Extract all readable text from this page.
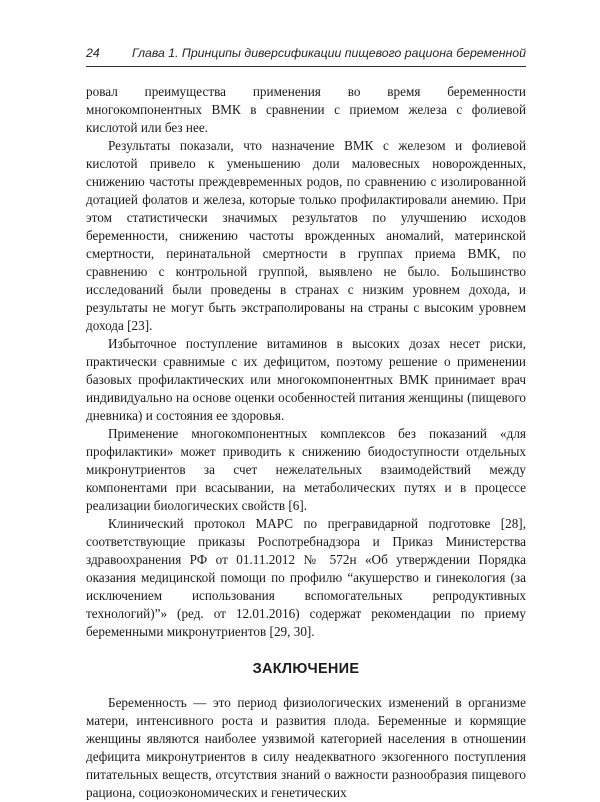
24	Глава 1. Принципы диверсификации пищевого рациона беременной

ровал преимущества применения во время беременности многокомпонентных ВМК в сравнении с приемом железа с фолиевой кислотой или без нее.

Результаты показали, что назначение ВМК с железом и фолиевой кислотой привело к уменьшению доли маловесных новорожденных, снижению частоты преждевременных родов, по сравнению с изолированной дотацией фолатов и железа, которые только профилактировали анемию. При этом статистически значимых результатов по улучшению исходов беременности, снижению частоты врожденных аномалий, материнской смертности, перинатальной смертности в группах приема ВМК, по сравнению с контрольной группой, выявлено не было. Большинство исследований были проведены в странах с низким уровнем дохода, и результаты не могут быть экстраполированы на страны с высоким уровнем дохода [23].

Избыточное поступление витаминов в высоких дозах несет риски, практически сравнимые с их дефицитом, поэтому решение о применении базовых профилактических или многокомпонентных ВМК принимает врач индивидуально на основе оценки особенностей питания женщины (пищевого дневника) и состояния ее здоровья.

Применение многокомпонентных комплексов без показаний «для профилактики» может приводить к снижению биодоступности отдельных микронутриентов за счет нежелательных взаимодействий между компонентами при всасывании, на метаболических путях и в процессе реализации биологических свойств [6].

Клинический протокол МАРС по прегравидарной подготовке [28], соответствующие приказы Роспотребнадзора и Приказ Министерства здравоохранения РФ от 01.11.2012 № 572н «Об утверждении Порядка оказания медицинской помощи по профилю “акушерство и гинекология (за исключением использования вспомогательных репродуктивных технологий)”» (ред. от 12.01.2016) содержат рекомендации по приему беременными микронутриентов [29, 30].

ЗАКЛЮЧЕНИЕ

Беременность — это период физиологических изменений в организме матери, интенсивного роста и развития плода. Беременные и кормящие женщины являются наиболее уязвимой категорией населения в отношении дефицита микронутриентов в силу неадекватного экзогенного поступления питательных веществ, отсутствия знаний о важности разнообразия пищевого рациона, социоэкономических и генетических
